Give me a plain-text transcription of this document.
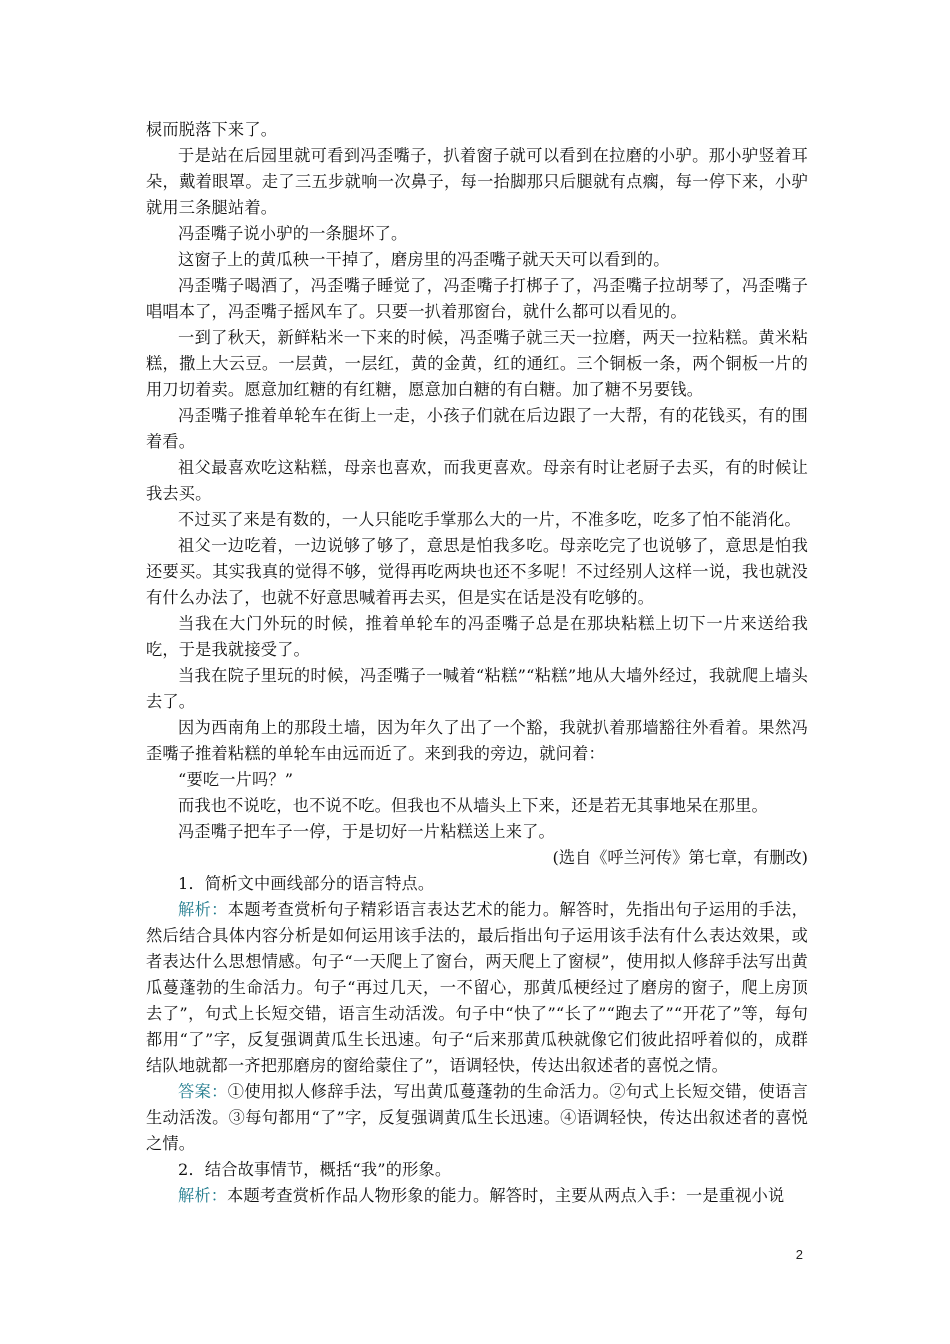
棂而脱落下来了。

于是站在后园里就可看到冯歪嘴子，扒着窗子就可以看到在拉磨的小驴。那小驴竖着耳朵，戴着眼罩。走了三五步就响一次鼻子，每一抬脚那只后腿就有点瘸，每一停下来，小驴就用三条腿站着。

冯歪嘴子说小驴的一条腿坏了。

这窗子上的黄瓜秧一干掉了，磨房里的冯歪嘴子就天天可以看到的。

冯歪嘴子喝酒了，冯歪嘴子睡觉了，冯歪嘴子打梆子了，冯歪嘴子拉胡琴了，冯歪嘴子唱唱本了，冯歪嘴子摇风车了。只要一扒着那窗台，就什么都可以看见的。

一到了秋天，新鲜粘米一下来的时候，冯歪嘴子就三天一拉磨，两天一拉粘糕。黄米粘糕，撒上大云豆。一层黄，一层红，黄的金黄，红的通红。三个铜板一条，两个铜板一片的用刀切着卖。愿意加红糖的有红糖，愿意加白糖的有白糖。加了糖不另要钱。

冯歪嘴子推着单轮车在街上一走，小孩子们就在后边跟了一大帮，有的花钱买，有的围着看。

祖父最喜欢吃这粘糕，母亲也喜欢，而我更喜欢。母亲有时让老厨子去买，有的时候让我去买。

不过买了来是有数的，一人只能吃手掌那么大的一片，不准多吃，吃多了怕不能消化。

祖父一边吃着，一边说够了够了，意思是怕我多吃。母亲吃完了也说够了，意思是怕我还要买。其实我真的觉得不够，觉得再吃两块也还不多呢！不过经别人这样一说，我也就没有什么办法了，也就不好意思喊着再去买，但是实在话是没有吃够的。

当我在大门外玩的时候，推着单轮车的冯歪嘴子总是在那块粘糕上切下一片来送给我吃，于是我就接受了。

当我在院子里玩的时候，冯歪嘴子一喊着“粘糕”“粘糕”地从大墙外经过，我就爬上墙头去了。

因为西南角上的那段土墙，因为年久了出了一个豁，我就扒着那墙豁往外看着。果然冯歪嘴子推着粘糕的单轮车由远而近了。来到我的旁边，就问着：

“要吃一片吗？”

而我也不说吃，也不说不吃。但我也不从墙头上下来，还是若无其事地呆在那里。

冯歪嘴子把车子一停，于是切好一片粘糕送上来了。

(选自《呼兰河传》第七章，有删改)

1．简析文中画线部分的语言特点。

解析：本题考查赏析句子精彩语言表达艺术的能力。解答时，先指出句子运用的手法，然后结合具体内容分析是如何运用该手法的，最后指出句子运用该手法有什么表达效果，或者表达什么思想情感。句子“一天爬上了窗台，两天爬上了窗棂”，使用拟人修辞手法写出黄瓜蔓蓬勃的生命活力。句子“再过几天，一不留心，那黄瓜梗经过了磨房的窗子，爬上房顶去了”，句式上长短交错，语言生动活泼。句子中“快了”“长了”“跑去了”“开花了”等，每句都用“了”字，反复强调黄瓜生长迅速。句子“后来那黄瓜秧就像它们彼此招呼着似的，成群结队地就都一齐把那磨房的窗给蒙住了”，语调轻快，传达出叙述者的喜悦之情。

答案：①使用拟人修辞手法，写出黄瓜蔓蓬勃的生命活力。②句式上长短交错，使语言生动活泼。③每句都用“了”字，反复强调黄瓜生长迅速。④语调轻快，传达出叙述者的喜悦之情。

2．结合故事情节，概括“我”的形象。

解析：本题考查赏析作品人物形象的能力。解答时，主要从两点入手：一是重视小说

2
